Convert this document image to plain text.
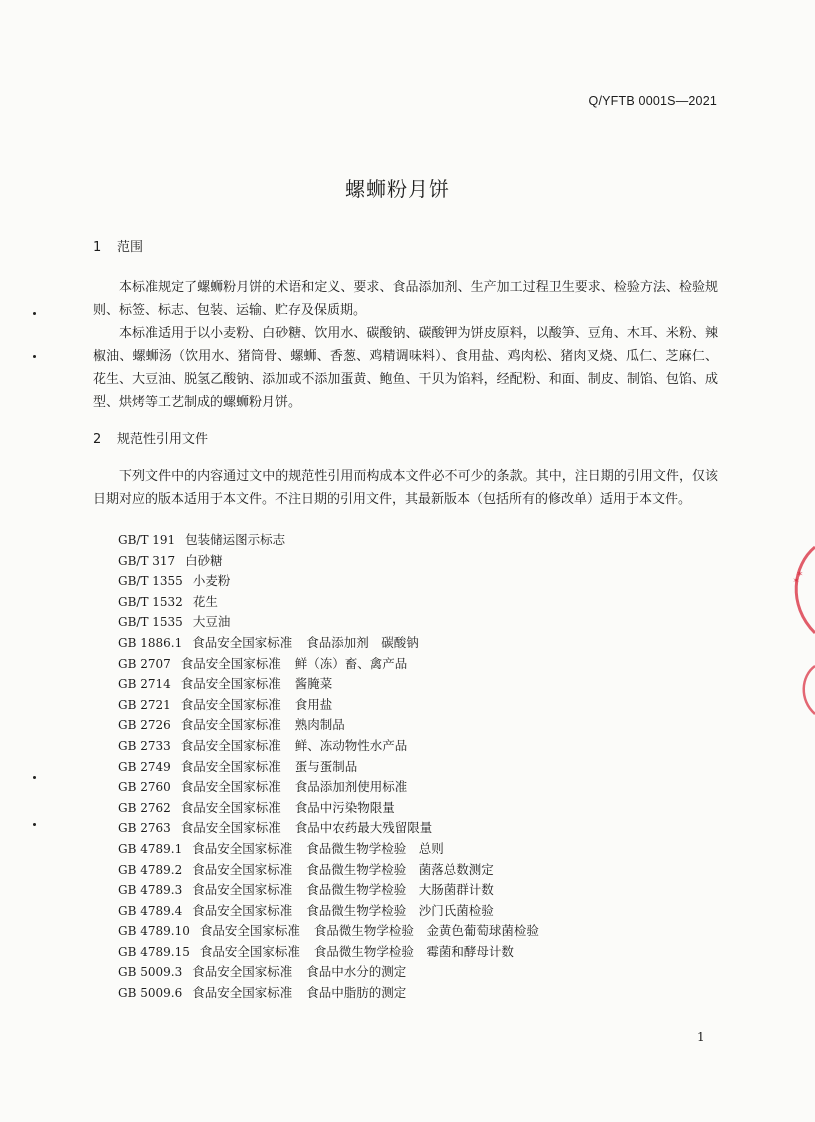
Q/YFTB 0001S—2021
螺蛳粉月饼
1 范围

本标准规定了螺蛳粉月饼的术语和定义、要求、食品添加剂、生产加工过程卫生要求、检验方法、检验规则、标签、标志、包装、运输、贮存及保质期。

本标准适用于以小麦粉、白砂糖、饮用水、碳酸钠、碳酸钾为饼皮原料，以酸笋、豆角、木耳、米粉、辣椒油、螺蛳汤（饮用水、猪筒骨、螺蛳、香葱、鸡精调味料）、食用盐、鸡肉松、猪肉叉烧、瓜仁、芝麻仁、花生、大豆油、脱氢乙酸钠、添加或不添加蛋黄、鲍鱼、干贝为馅料，经配粉、和面、制皮、制馅、包馅、成型、烘烤等工艺制成的螺蛳粉月饼。

2 规范性引用文件

下列文件中的内容通过文中的规范性引用而构成本文件必不可少的条款。其中，注日期的引用文件，仅该日期对应的版本适用于本文件。不注日期的引用文件，其最新版本（包括所有的修改单）适用于本文件。

GB/T 191 包装储运图示标志
GB/T 317 白砂糖
GB/T 1355 小麦粉
GB/T 1532 花生
GB/T 1535 大豆油
GB 1886.1 食品安全国家标准 食品添加剂　碳酸钠
GB 2707 食品安全国家标准 鲜（冻）畜、禽产品
GB 2714 食品安全国家标准 酱腌菜
GB 2721 食品安全国家标准 食用盐
GB 2726 食品安全国家标准 熟肉制品
GB 2733 食品安全国家标准 鲜、冻动物性水产品
GB 2749 食品安全国家标准 蛋与蛋制品
GB 2760 食品安全国家标准 食品添加剂使用标准
GB 2762 食品安全国家标准 食品中污染物限量
GB 2763 食品安全国家标准 食品中农药最大残留限量
GB 4789.1 食品安全国家标准 食品微生物学检验　总则
GB 4789.2 食品安全国家标准 食品微生物学检验　菌落总数测定
GB 4789.3 食品安全国家标准 食品微生物学检验　大肠菌群计数
GB 4789.4 食品安全国家标准 食品微生物学检验　沙门氏菌检验
GB 4789.10 食品安全国家标准 食品微生物学检验　金黄色葡萄球菌检验
GB 4789.15 食品安全国家标准 食品微生物学检验　霉菌和酵母计数
GB 5009.3 食品安全国家标准 食品中水分的测定
GB 5009.6 食品安全国家标准 食品中脂肪的测定
1
✶✶
